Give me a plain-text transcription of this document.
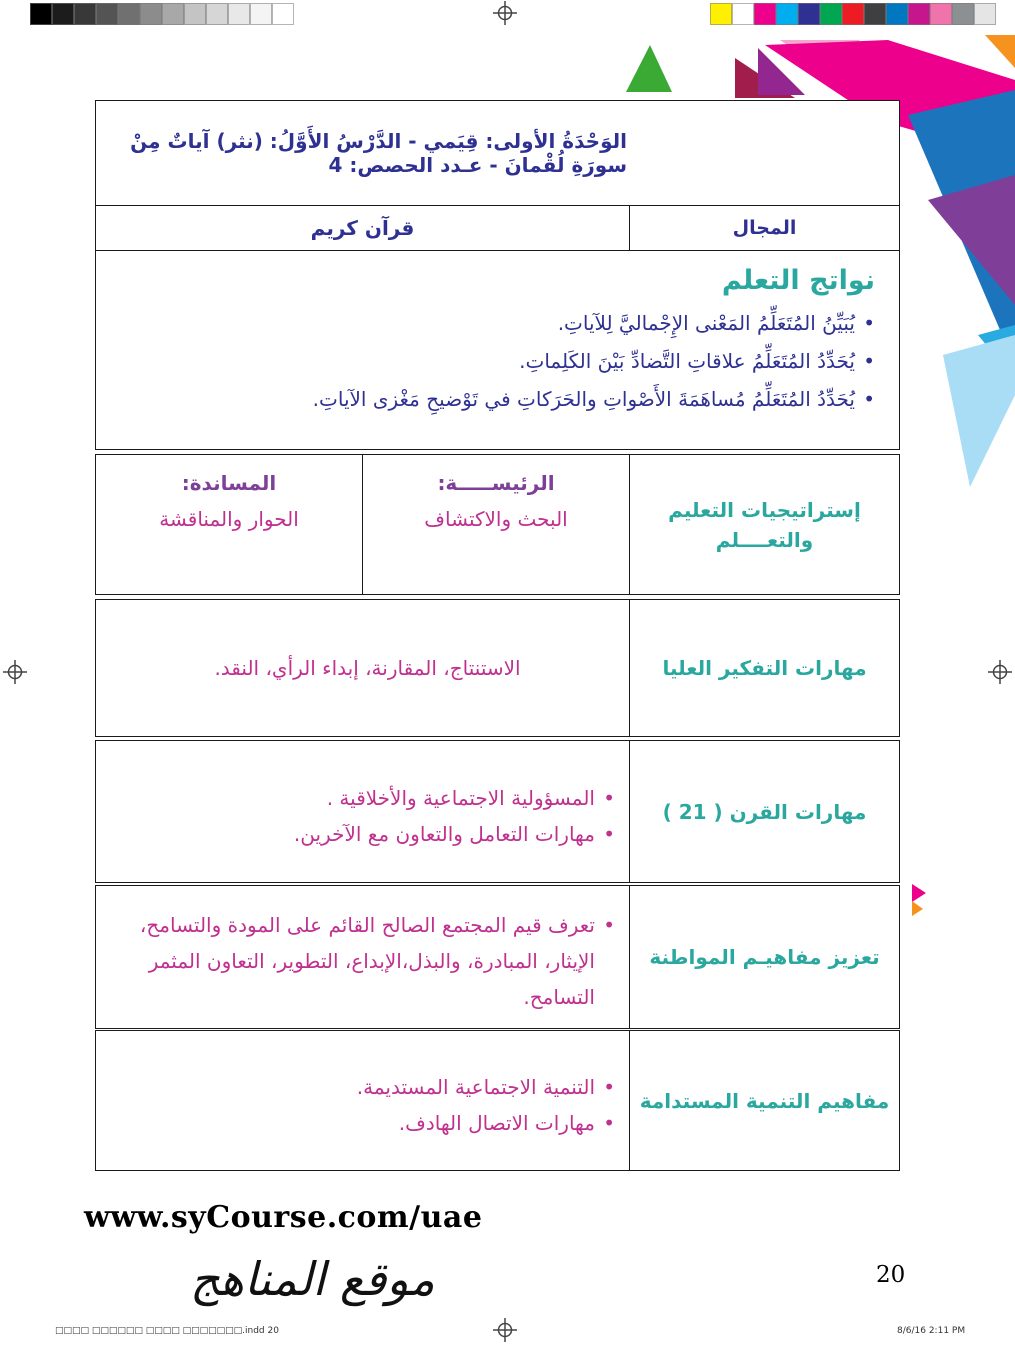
الوَحْدَةُ الأولى: قِيَمي - الدَّرْسُ الأَوَّلُ: (نثر) آياتٌ مِنْ سورَةِ لُقْمانَ - عـدد الحصص: 4
المجال
قرآن كريم
نواتج التعلم
• يُبَيِّنُ المُتَعَلِّمُ المَعْنى الإِجْماليَّ لِلآياتِ.
• يُحَدِّدُ المُتَعَلِّمُ علاقاتِ التَّضادِّ بَيْنَ الكَلِماتِ.
• يُحَدِّدُ المُتَعَلِّمُ مُساهَمَةَ الأَصْواتِ والحَرَكاتِ في تَوْضيحِ مَغْزى الآياتِ.
إستراتيجيات التعليم والتعــــلم
الرئيســـــة:
البحث والاكتشاف
المساندة:
الحوار والمناقشة
مهارات التفكير العليا
الاستنتاج، المقارنة، إبداء الرأي، النقد.
مهارات القرن ( 21 )
• المسؤولية الاجتماعية والأخلاقية .
• مهارات التعامل والتعاون مع الآخرين.
تعزيز مفاهيـم المواطنة
• تعرف قيم المجتمع الصالح القائم على المودة والتسامح، الإيثار، المبادرة، والبذل،الإبداع، التطوير، التعاون المثمر التسامح.
مفاهيم التنمية المستدامة
• التنمية الاجتماعية المستديمة.
• مهارات الاتصال الهادف.
www.syCourse.com/uae
موقع المناهج	20
□□□□ □□□□□□ □□□□ □□□□□□□.indd 20	8/6/16 2:11 PM
